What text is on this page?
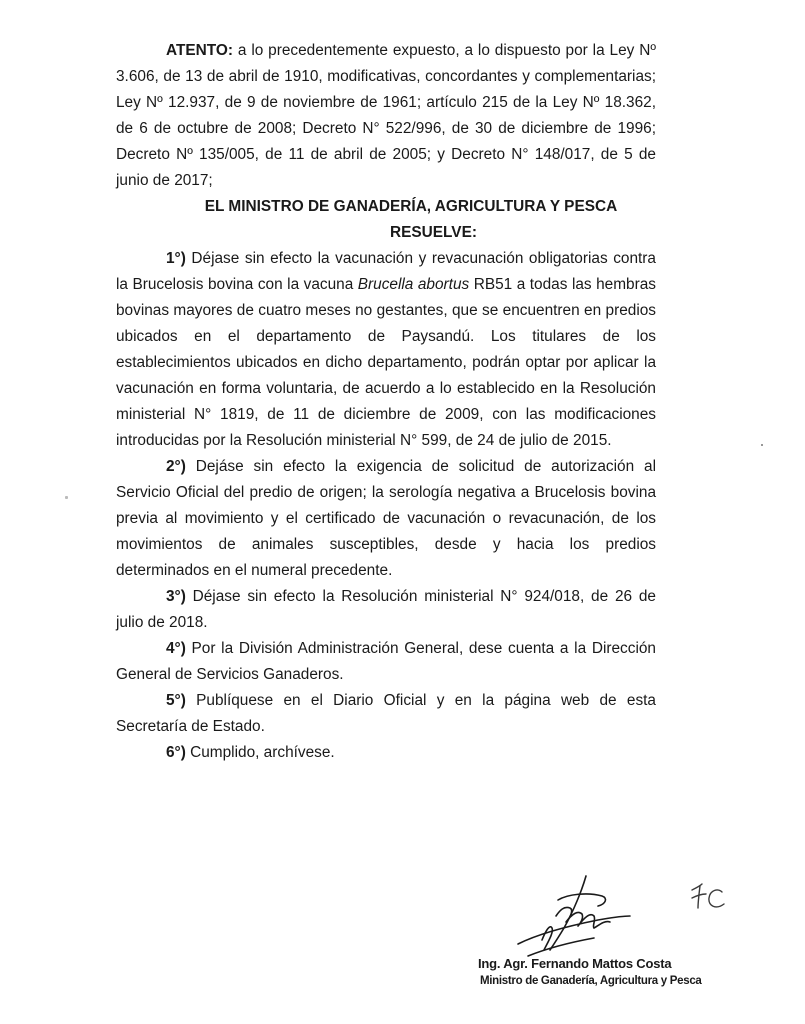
ATENTO: a lo precedentemente expuesto, a lo dispuesto por la Ley Nº 3.606, de 13 de abril de 1910, modificativas, concordantes y complementarias; Ley Nº 12.937, de 9 de noviembre de 1961; artículo 215 de la Ley Nº 18.362, de 6 de octubre de 2008; Decreto N° 522/996, de 30 de diciembre de 1996; Decreto Nº 135/005, de 11 de abril de 2005; y Decreto N° 148/017, de 5 de junio de 2017;

EL MINISTRO DE GANADERÍA, AGRICULTURA Y PESCA

RESUELVE:

1°) Déjase sin efecto la vacunación y revacunación obligatorias contra la Brucelosis bovina con la vacuna Brucella abortus RB51 a todas las hembras bovinas mayores de cuatro meses no gestantes, que se encuentren en predios ubicados en el departamento de Paysandú. Los titulares de los establecimientos ubicados en dicho departamento, podrán optar por aplicar la vacunación en forma voluntaria, de acuerdo a lo establecido en la Resolución ministerial N° 1819, de 11 de diciembre de 2009, con las modificaciones introducidas por la Resolución ministerial N° 599, de 24 de julio de 2015.

2°) Dejáse sin efecto la exigencia de solicitud de autorización al Servicio Oficial del predio de origen; la serología negativa a Brucelosis bovina previa al movimiento y el certificado de vacunación o revacunación, de los movimientos de animales susceptibles, desde y hacia los predios determinados en el numeral precedente.

3°) Déjase sin efecto la Resolución ministerial N° 924/018, de 26 de julio de 2018.

4°) Por la División Administración General, dese cuenta a la Dirección General de Servicios Ganaderos.

5°) Publíquese en el Diario Oficial y en la página web de esta Secretaría de Estado.

6°) Cumplido, archívese.

Ing. Agr. Fernando Mattos Costa
Ministro de Ganadería, Agricultura y Pesca
